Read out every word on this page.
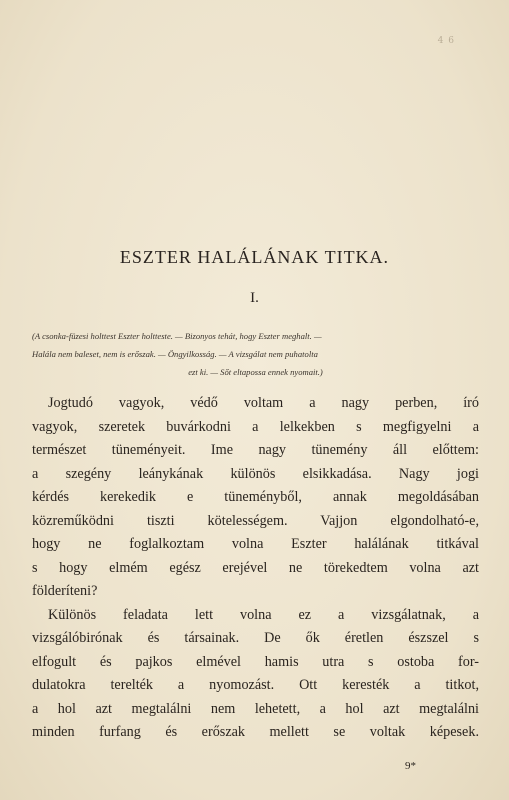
4 6
ESZTER HALÁLÁNAK TITKA.
I.
(A csonka-füzesi holttest Eszter holtteste. — Bizonyos tehát, hogy Eszter meghalt. —
Halála nem baleset, nem is erőszak. — Öngyilkosság. — A vizsgálat nem puhatolta
ezt ki. — Sőt eltapossa ennek nyomait.)
Jogtudó vagyok, védő voltam a nagy perben, író
vagyok, szeretek buvárkodni a lelkekben s megfigyelni a
természet tüneményeit. Ime nagy tünemény áll előttem:
a szegény leánykának különös elsikkadása. Nagy jogi
kérdés kerekedik e tüneményből, annak megoldásában
közreműködni tiszti kötelességem. Vajjon elgondolható-e,
hogy ne foglalkoztam volna Eszter halálának titkával
s hogy elmém egész erejével ne törekedtem volna azt
földeríteni?
Különös feladata lett volna ez a vizsgálatnak, a
vizsgálóbirónak és társainak. De ők éretlen észszel s
elfogult és pajkos elmével hamis utra s ostoba for-
dulatokra terelték a nyomozást. Ott keresték a titkot,
a hol azt megtalálni nem lehetett, a hol azt megtalálni
minden furfang és erőszak mellett se voltak képesek.
9*
